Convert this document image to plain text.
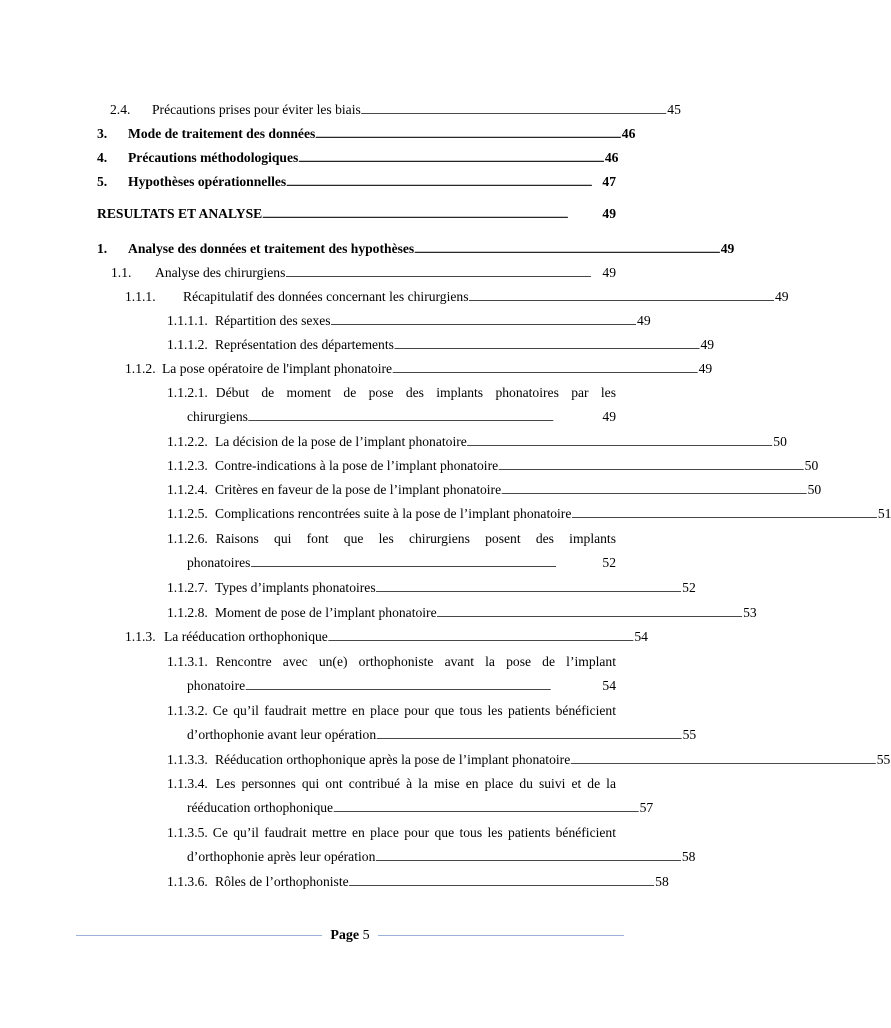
2.4. Précautions prises pour éviter les biais . . .	45
3. Mode de traitement des données . . .	46
4. Précautions méthodologiques . . .	46
5. Hypothèses opérationnelles . . .	47
RESULTATS ET ANALYSE . . .	49
1. Analyse des données et traitement des hypothèses . . .	49
1.1. Analyse des chirurgiens . . .	49
1.1.1. Récapitulatif des données concernant les chirurgiens . . .	49
1.1.1.1. Répartition des sexes . . .	49
1.1.1.2. Représentation des départements . . .	49
1.1.2. La pose opératoire de l'implant phonatoire . . .	49
1.1.2.1. Début de moment de pose des implants phonatoires par les
chirurgiens . . .	49
1.1.2.2. La décision de la pose de l’implant phonatoire . . .	50
1.1.2.3. Contre-indications à la pose de l’implant phonatoire . . .	50
1.1.2.4. Critères en faveur de la pose de l’implant phonatoire . . .	50
1.1.2.5. Complications rencontrées suite à la pose de l’implant phonatoire . . .	51
1.1.2.6. Raisons qui font que les chirurgiens posent des implants
phonatoires . . .	52
1.1.2.7. Types d’implants phonatoires . . .	52
1.1.2.8. Moment de pose de l’implant phonatoire . . .	53
1.1.3. La rééducation orthophonique . . .	54
1.1.3.1. Rencontre avec un(e) orthophoniste avant la pose de l’implant
phonatoire . . .	54
1.1.3.2. Ce qu’il faudrait mettre en place pour que tous les patients bénéficient
d’orthophonie avant leur opération . . .	55
1.1.3.3. Rééducation orthophonique après la pose de l’implant phonatoire . . .	55
1.1.3.4. Les personnes qui ont contribué à la mise en place du suivi et de la
rééducation orthophonique . . .	57
1.1.3.5. Ce qu’il faudrait mettre en place pour que tous les patients bénéficient
d’orthophonie après leur opération . . .	58
1.1.3.6. Rôles de l’orthophoniste . . .	58
Page 5
